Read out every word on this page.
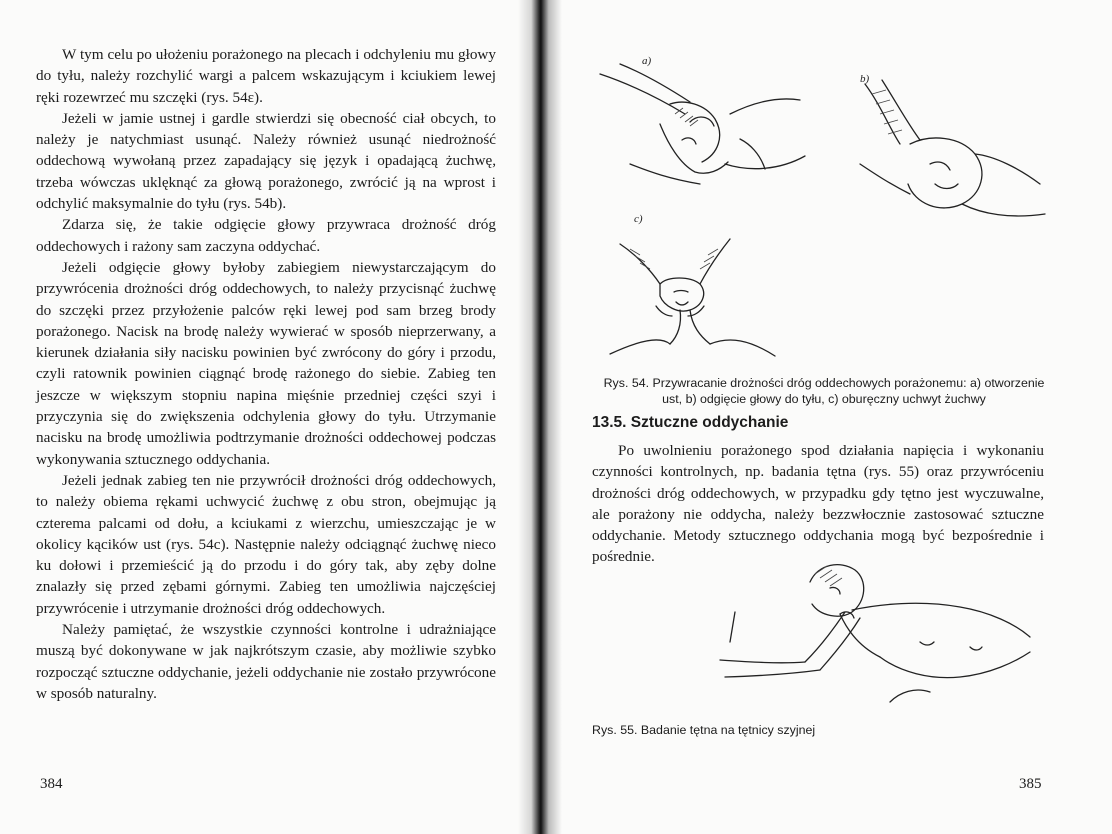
W tym celu po ułożeniu porażonego na plecach i odchyleniu mu głowy do tyłu, należy rozchylić wargi a palcem wskazującym i kciukiem lewej ręki rozewrzeć mu szczęki (rys. 54ε).

Jeżeli w jamie ustnej i gardle stwierdzi się obecność ciał obcych, to należy je natychmiast usunąć. Należy również usunąć niedrożność oddechową wywołaną przez zapadający się język i opadającą żuchwę, trzeba wówczas uklęknąć za głową porażonego, zwrócić ją na wprost i odchylić maksymalnie do tyłu (rys. 54b).

Zdarza się, że takie odgięcie głowy przywraca drożność dróg oddechowych i rażony sam zaczyna oddychać.

Jeżeli odgięcie głowy byłoby zabiegiem niewystarczającym do przywrócenia drożności dróg oddechowych, to należy przycisnąć żuchwę do szczęki przez przyłożenie palców ręki lewej pod sam brzeg brody porażonego. Nacisk na brodę należy wywierać w sposób nieprzerwany, a kierunek działania siły nacisku powinien być zwrócony do góry i przodu, czyli ratownik powinien ciągnąć brodę rażonego do siebie. Zabieg ten jeszcze w większym stopniu napina mięśnie przedniej części szyi i przyczynia się do zwiększenia odchylenia głowy do tyłu. Utrzymanie nacisku na brodę umożliwia podtrzymanie drożności oddechowej podczas wykonywania sztucznego oddychania.

Jeżeli jednak zabieg ten nie przywrócił drożności dróg oddechowych, to należy obiema rękami uchwycić żuchwę z obu stron, obejmując ją czterema palcami od dołu, a kciukami z wierzchu, umieszczając je w okolicy kącików ust (rys. 54c). Następnie należy odciągnąć żuchwę nieco ku dołowi i przemieścić ją do przodu i do góry tak, aby zęby dolne znalazły się przed zębami górnymi. Zabieg ten umożliwia najczęściej przywrócenie i utrzymanie drożności dróg oddechowych.

Należy pamiętać, że wszystkie czynności kontrolne i udrażniające muszą być dokonywane w jak najkrótszym czasie, aby możliwie szybko rozpocząć sztuczne oddychanie, jeżeli oddychanie nie zostało przywrócone w sposób naturalny.

384
a)
b)
c)
Rys. 54. Przywracanie drożności dróg oddechowych porażonemu: a) otworzenie ust, b) odgięcie głowy do tyłu, c) oburęczny uchwyt żuchwy
13.5. Sztuczne oddychanie

Po uwolnieniu porażonego spod działania napięcia i wykonaniu czynności kontrolnych, np. badania tętna (rys. 55) oraz przywróceniu drożności dróg oddechowych, w przypadku gdy tętno jest wyczuwalne, ale porażony nie oddycha, należy bezzwłocznie zastosować sztuczne oddychanie. Metody sztucznego oddychania mogą być bezpośrednie i pośrednie.

Rys. 55. Badanie tętna na tętnicy szyjnej
385
